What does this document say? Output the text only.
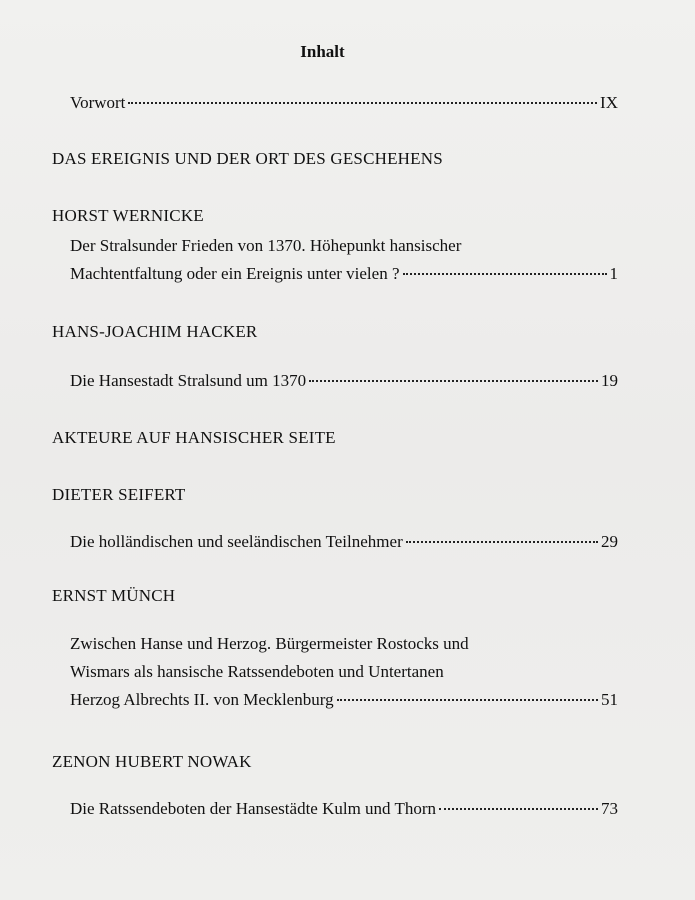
Inhalt
Vorwort	IX
DAS EREIGNIS UND DER ORT DES GESCHEHENS
HORST WERNICKE
Der Stralsunder Frieden von 1370. Höhepunkt hansischer
Machtentfaltung oder ein Ereignis unter vielen ?	1
HANS-JOACHIM HACKER
Die Hansestadt Stralsund um 1370	19
AKTEURE AUF HANSISCHER SEITE
DIETER SEIFERT
Die holländischen und seeländischen Teilnehmer	29
ERNST MÜNCH
Zwischen Hanse und Herzog. Bürgermeister Rostocks und
Wismars als hansische Ratssendeboten und Untertanen
Herzog Albrechts II. von Mecklenburg	51
ZENON HUBERT NOWAK
Die Ratssendeboten der Hansestädte Kulm und Thorn	73
